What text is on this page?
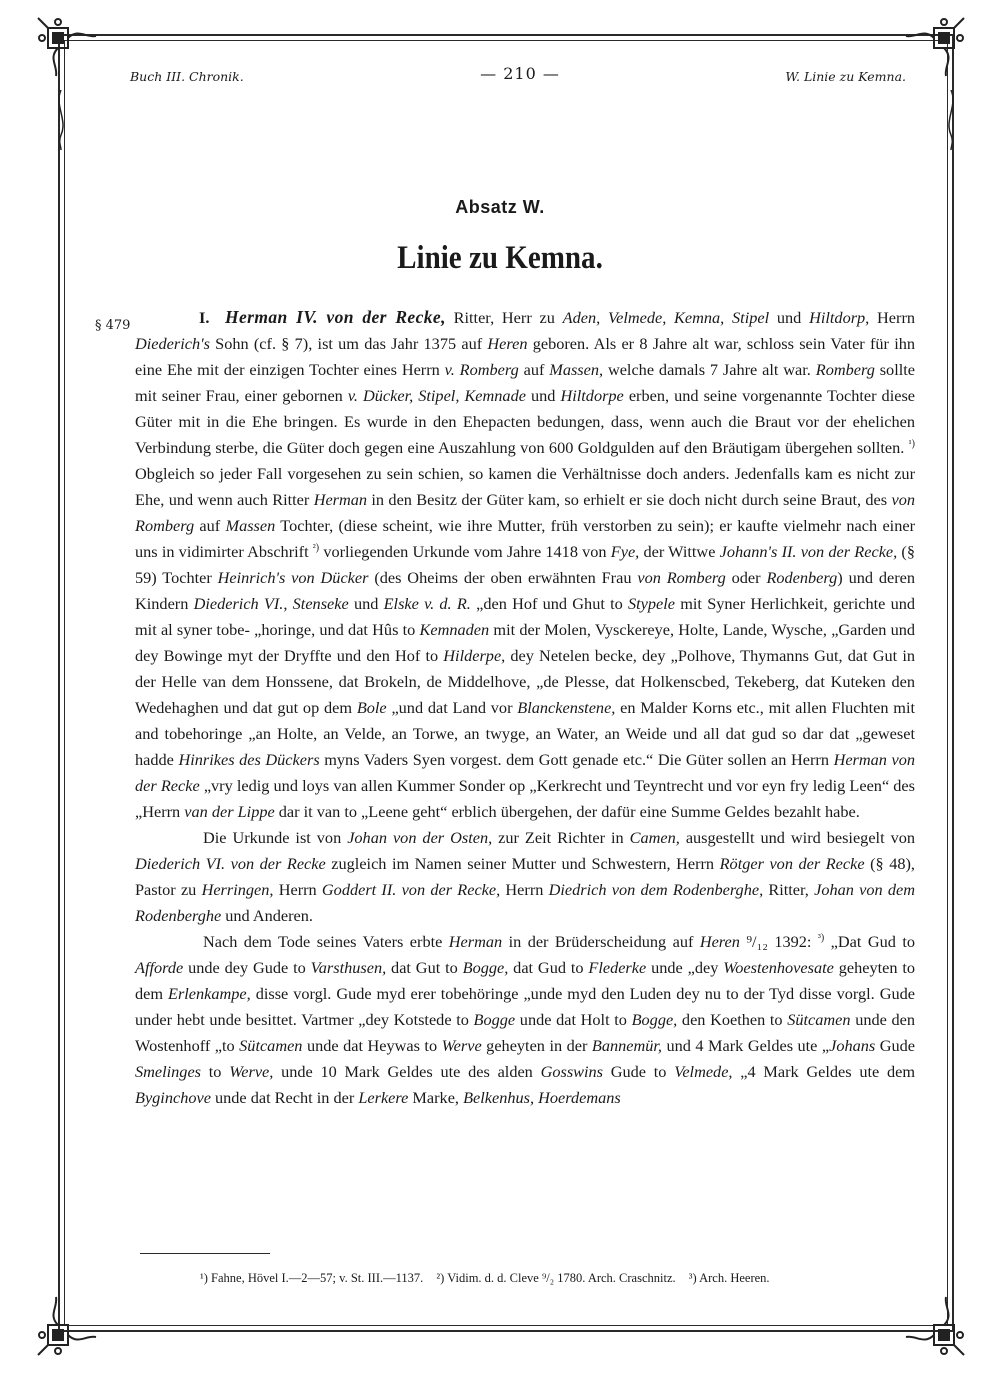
Buch III. Chronik.	— 210 —	W. Linie zu Kemna.
Absatz W.
Linie zu Kemna.
§ 479	I. Herman IV. von der Recke, Ritter, Herr zu Aden, Velmede, Kemna, Stipel und Hiltdorp, Herrn Diederich's Sohn (cf. § 7), ist um das Jahr 1375 auf Heren geboren. Als er 8 Jahre alt war, schloss sein Vater für ihn eine Ehe mit der einzigen Tochter eines Herrn v. Romberg auf Massen, welche damals 7 Jahre alt war. Romberg sollte mit seiner Frau, einer gebornen v. Dücker, Stipel, Kemnade und Hiltdorpe erben, und seine vorgenannte Tochter diese Güter mit in die Ehe bringen. Es wurde in den Ehepacten bedungen, dass, wenn auch die Braut vor der ehelichen Verbindung sterbe, die Güter doch gegen eine Auszahlung von 600 Goldgulden auf den Bräutigam übergehen sollten. $^{^1)}$ Obgleich so jeder Fall vorgesehen zu sein schien, so kamen die Verhältnisse doch anders. Jedenfalls kam es nicht zur Ehe, und wenn auch Ritter Herman in den Besitz der Güter kam, so erhielt er sie doch nicht durch seine Braut, des von Romberg auf Massen Tochter, (diese scheint, wie ihre Mutter, früh verstorben zu sein); er kaufte vielmehr nach einer uns in vidimirter Abschrift $^{^2)}$ vorliegenden Urkunde vom Jahre 1418 von Fye, der Wittwe Johann's II. von der Recke, (§ 59) Tochter Heinrich's von Dücker (des Oheims der oben erwähnten Frau von Romberg oder Rodenberg) und deren Kindern Diederich VI., Stenseke und Elske v. d. R. „den Hof und Ghut to Stypele mit Syner Herlichkeit, gerichte und mit al syner tobe- „horinge, und dat Hûs to Kemnaden mit der Molen, Vysckereye, Holte, Lande, Wysche, „Garden und dey Bowinge myt der Dryffte und den Hof to Hilderpe, dey Netelen becke, dey „Polhove, Thymanns Gut, dat Gut in der Helle van dem Honssene, dat Brokeln, de Middelhove, „de Plesse, dat Holkenscbed, Tekeberg, dat Kuteken den Wedehaghen und dat gut op dem Bole „und dat Land vor Blanckenstene, en Malder Korns etc., mit allen Fluchten mit and tobehoringe „an Holte, an Velde, an Torwe, an twyge, an Water, an Weide und all dat gud so dar dat „geweset hadde Hinrikes des Dückers myns Vaders Syen vorgest. dem Gott genade etc.“ Die Güter sollen an Herrn Herman von der Recke „vry ledig und loys van allen Kummer Sonder op „Kerkrecht und Teyntrecht und vor eyn fry ledig Leen“ des „Herrn van der Lippe dar it van to „Leene geht“ erblich übergehen, der dafür eine Summe Geldes bezahlt habe.

Die Urkunde ist von Johan von der Osten, zur Zeit Richter in Camen, ausgestellt und wird besiegelt von Diederich VI. von der Recke zugleich im Namen seiner Mutter und Schwestern, Herrn Rötger von der Recke (§ 48), Pastor zu Herringen, Herrn Goddert II. von der Recke, Herrn Diedrich von dem Rodenberghe, Ritter, Johan von dem Rodenberghe und Anderen.

Nach dem Tode seines Vaters erbte Herman in der Brüderscheidung auf Heren ⁹/₁₂ 1392: $^{^3)}$ „Dat Gud to Afforde unde dey Gude to Varsthusen, dat Gut to Bogge, dat Gud to Flederke unde „dey Woestenhovesate geheyten to dem Erlenkampe, disse vorgl. Gude myd erer tobehöringe „unde myd den Luden dey nu to der Tyd disse vorgl. Gude under hebt unde besittet. Vartmer „dey Kotstede to Bogge unde dat Holt to Bogge, den Koethen to Sütcamen unde den Wostenhoff „to Sütcamen unde dat Heywas to Werve geheyten in der Bannemür, und 4 Mark Geldes ute „Johans Gude Smelinges to Werve, unde 10 Mark Geldes ute des alden Gosswins Gude to Velmede, „4 Mark Geldes ute dem Byginchove unde dat Recht in der Lerkere Marke, Belkenhus, Hoerdemans

¹) Fahne, Hövel I.—2—57; v. St. III.—1137. ²) Vidim. d. d. Cleve ⁹/₂ 1780. Arch. Craschnitz. ³) Arch. Heeren.
